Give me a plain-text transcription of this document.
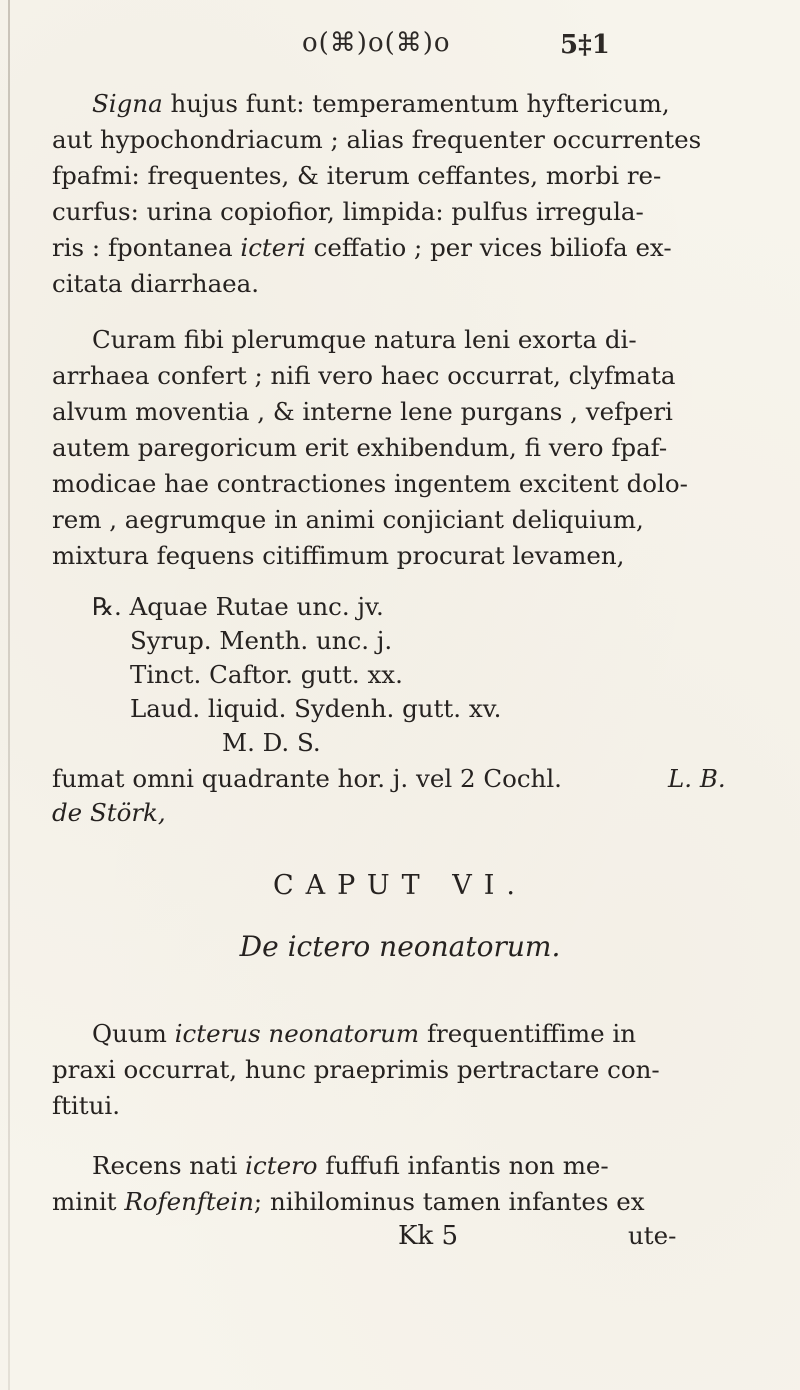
o(⌘)o(⌘)o	5‡1
Signa hujus funt: temperamentum hyftericum,
aut hypochondriacum ; alias frequenter occurrentes
fpafmi: frequentes, & iterum ceffantes, morbi re-
curfus: urina copiofior, limpida: pulfus irregula-
ris : fpontanea icteri ceffatio ; per vices biliofa ex-
citata diarrhaea.
Curam fibi plerumque natura leni exorta di-
arrhaea confert ; nifi vero haec occurrat, clyfmata
alvum moventia , & interne lene purgans , vefperi
autem paregoricum erit exhibendum, fi vero fpaf-
modicae hae contractiones ingentem excitent dolo-
rem , aegrumque in animi conjiciant deliquium,
mixtura fequens citiffimum procurat levamen,
℞. Aquae Rutae unc. jv.
Syrup. Menth. unc. j.
Tinct. Caftor. gutt. xx.
Laud. liquid. Sydenh. gutt. xv.
M. D. S.
fumat omni quadrante hor. j. vel 2 Cochl.	L. B.
de Störk,
CAPUT VI.
De ictero neonatorum.
Quum icterus neonatorum frequentiffime in
praxi occurrat, hunc praeprimis pertractare con-
ftitui.
Recens nati ictero fuffufi infantis non me-
minit Rofenftein; nihilominus tamen infantes ex
Kk 5	ute-
